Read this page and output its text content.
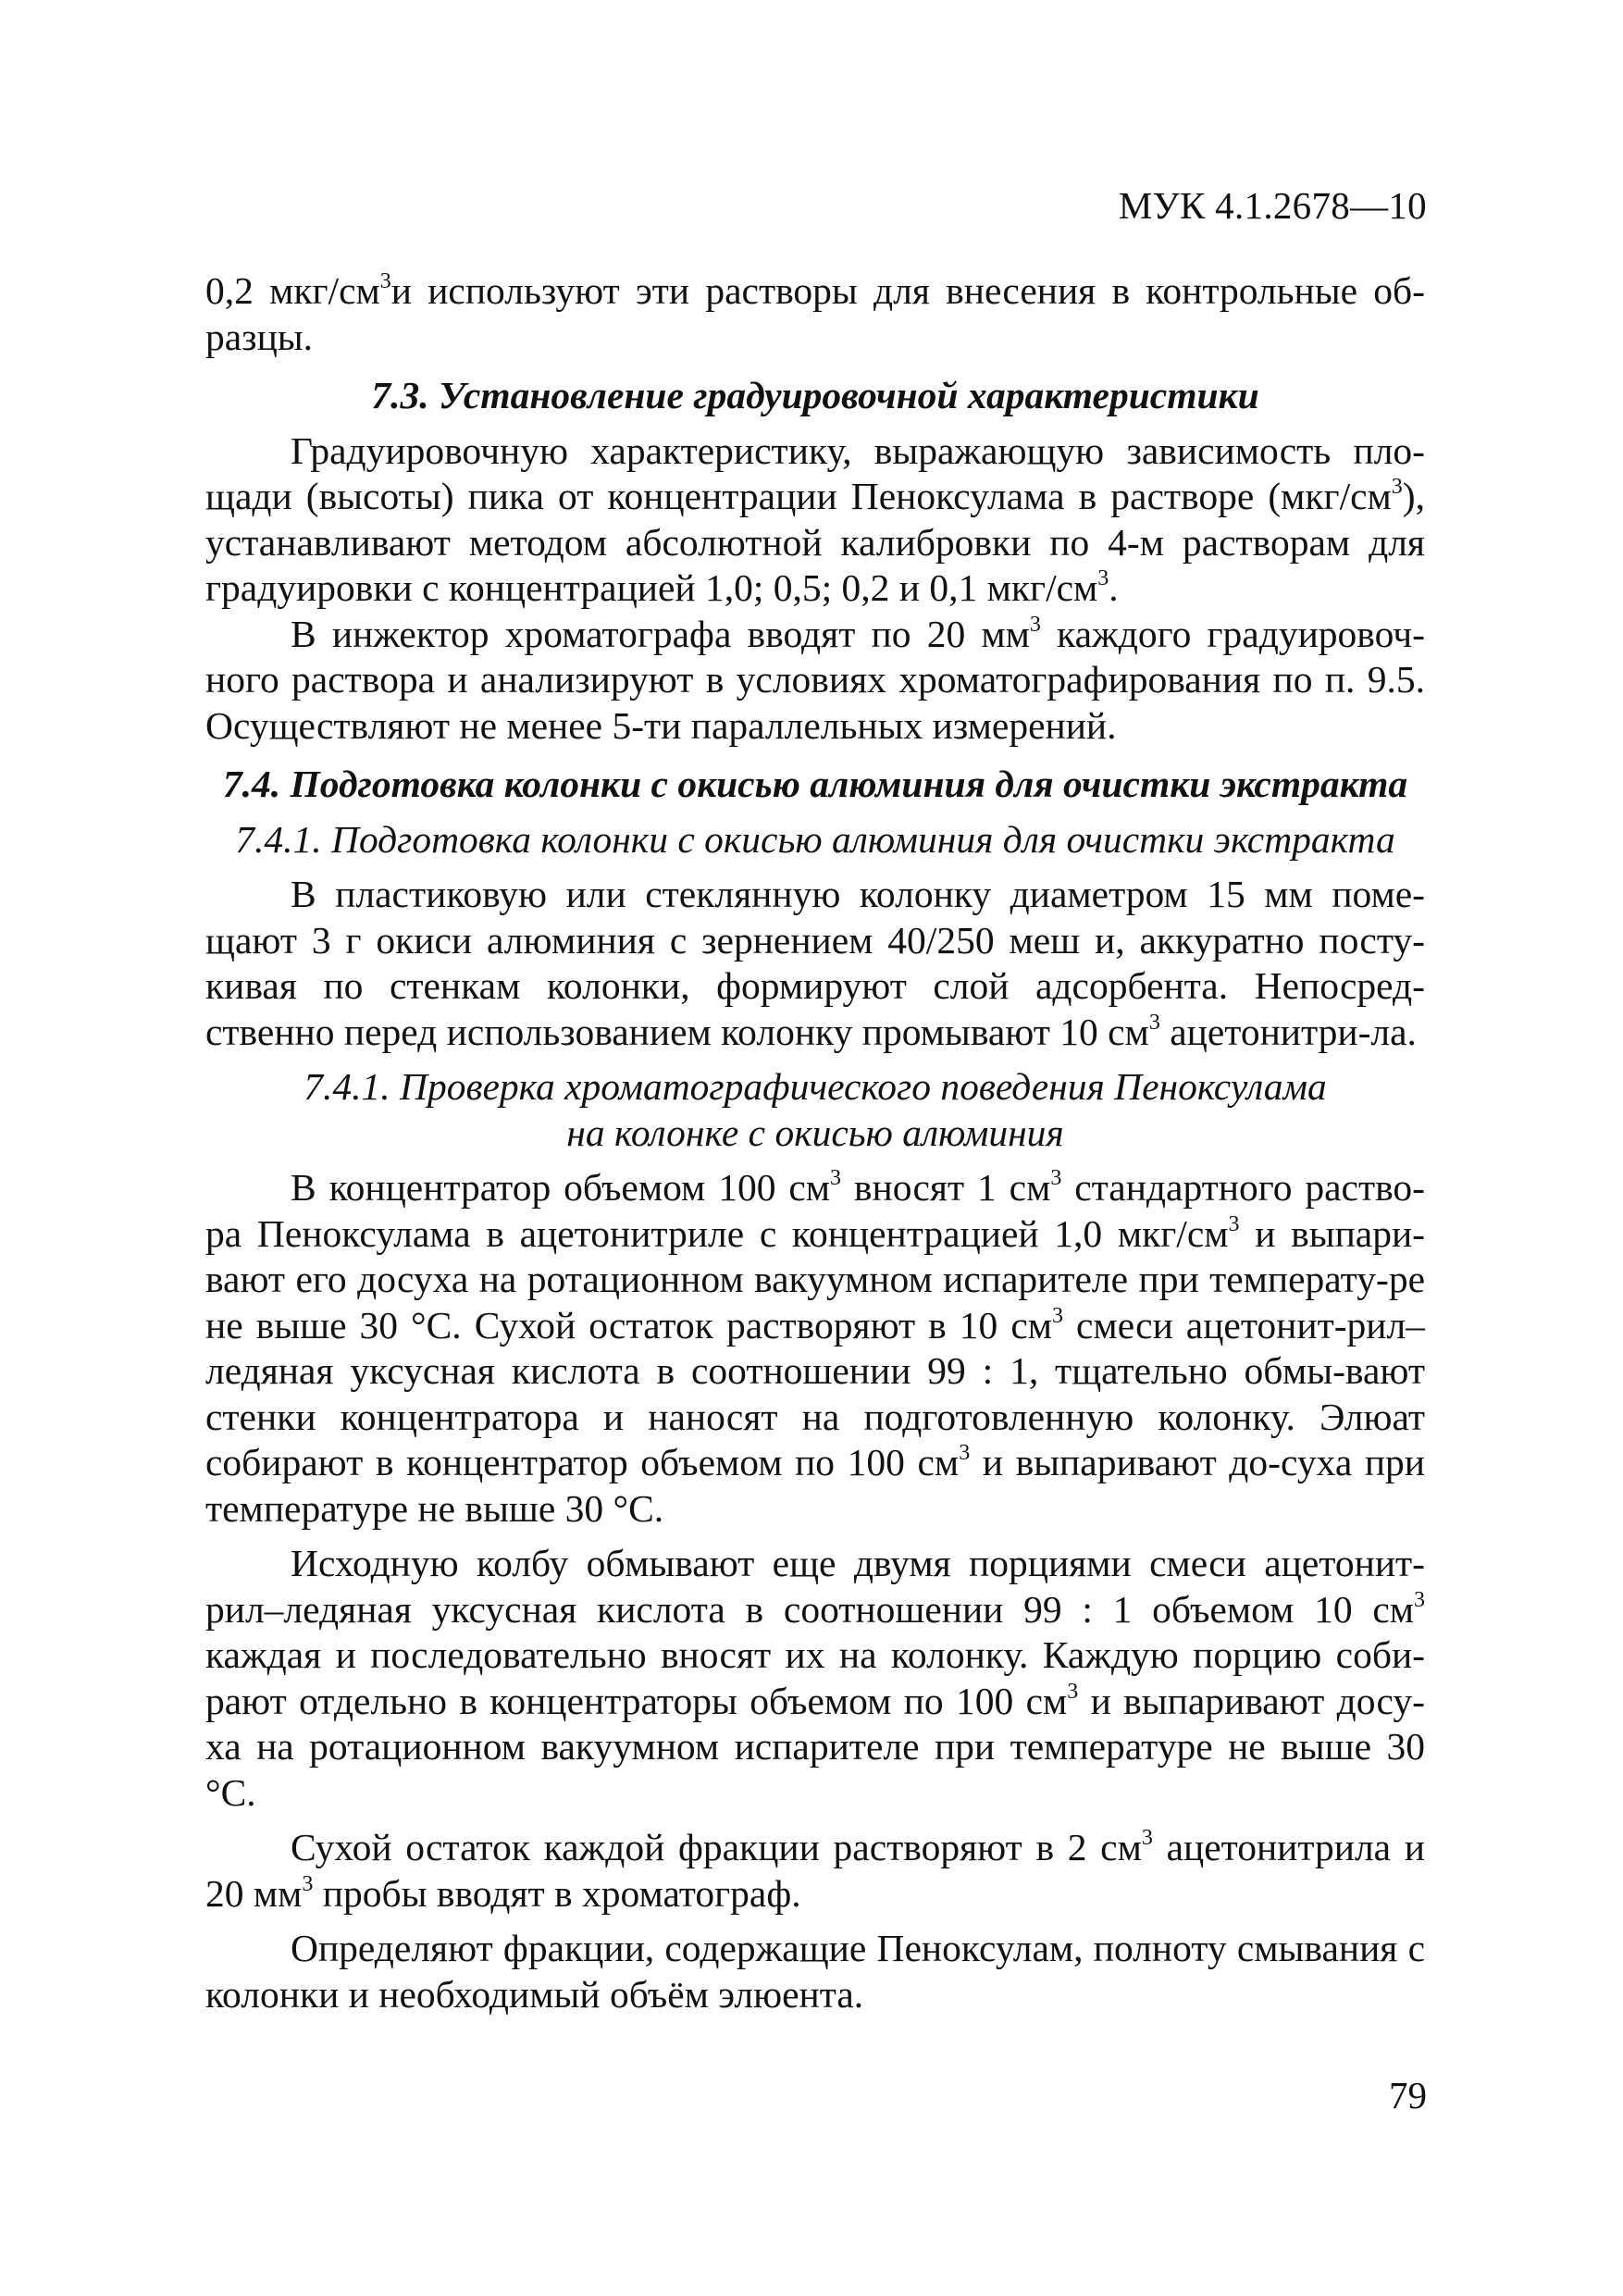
МУК 4.1.2678—10

0,2 мкг/$см^3и$ используют эти растворы для внесения в контрольные об-разцы.

7.3. Установление градуировочной характеристики

Градуировочную характеристику, выражающую зависимость пло-щади (высоты) пика от концентрации Пеноксулама в растворе $(мкг/см^3)$, устанавливают методом абсолютной калибровки по 4-м растворам для градуировки с концентрацией 1,0; 0,5; 0,2 и 0,1 мкг/$см^3$.

В инжектор хроматографа вводят по 20 $мм^3$ каждого градуировоч-ного раствора и анализируют в условиях хроматографирования по п. 9.5. Осуществляют не менее 5-ти параллельных измерений.

7.4. Подготовка колонки с окисью алюминия для очистки экстракта
7.4.1. Подготовка колонки с окисью алюминия для очистки экстракта

В пластиковую или стеклянную колонку диаметром 15 мм поме-щают 3 г окиси алюминия с зернением 40/250 меш и, аккуратно посту-кивая по стенкам колонки, формируют слой адсорбента. Непосред-ственно перед использованием колонку промывают 10 $см^3$ ацетонитри-ла.

7.4.1. Проверка хроматографического поведения Пеноксулама
на колонке с окисью алюминия

В концентратор объемом 100 $см^3$ вносят 1 $см^3$ стандартного раство-ра Пеноксулама в ацетонитриле с концентрацией 1,0 мкг/$см^3$ и выпари-вают его досуха на ротационном вакуумном испарителе при температу-ре не выше 30 °С. Сухой остаток растворяют в 10 $см^3$ смеси ацетонит-рил–ледяная уксусная кислота в соотношении 99 : 1, тщательно обмы-вают стенки концентратора и наносят на подготовленную колонку. Элюат собирают в концентратор объемом по 100 $см^3$ и выпаривают до-суха при температуре не выше 30 °С.

Исходную колбу обмывают еще двумя порциями смеси ацетонит-рил–ледяная уксусная кислота в соотношении 99 : 1 объемом 10 $см^3$ каждая и последовательно вносят их на колонку. Каждую порцию соби-рают отдельно в концентраторы объемом по 100 $см^3$ и выпаривают досу-ха на ротационном вакуумном испарителе при температуре не выше 30 °С.

Сухой остаток каждой фракции растворяют в 2 $см^3$ ацетонитрила и 20 $мм^3$ пробы вводят в хроматограф.

Определяют фракции, содержащие Пеноксулам, полноту смывания с колонки и необходимый объём элюента.

79
